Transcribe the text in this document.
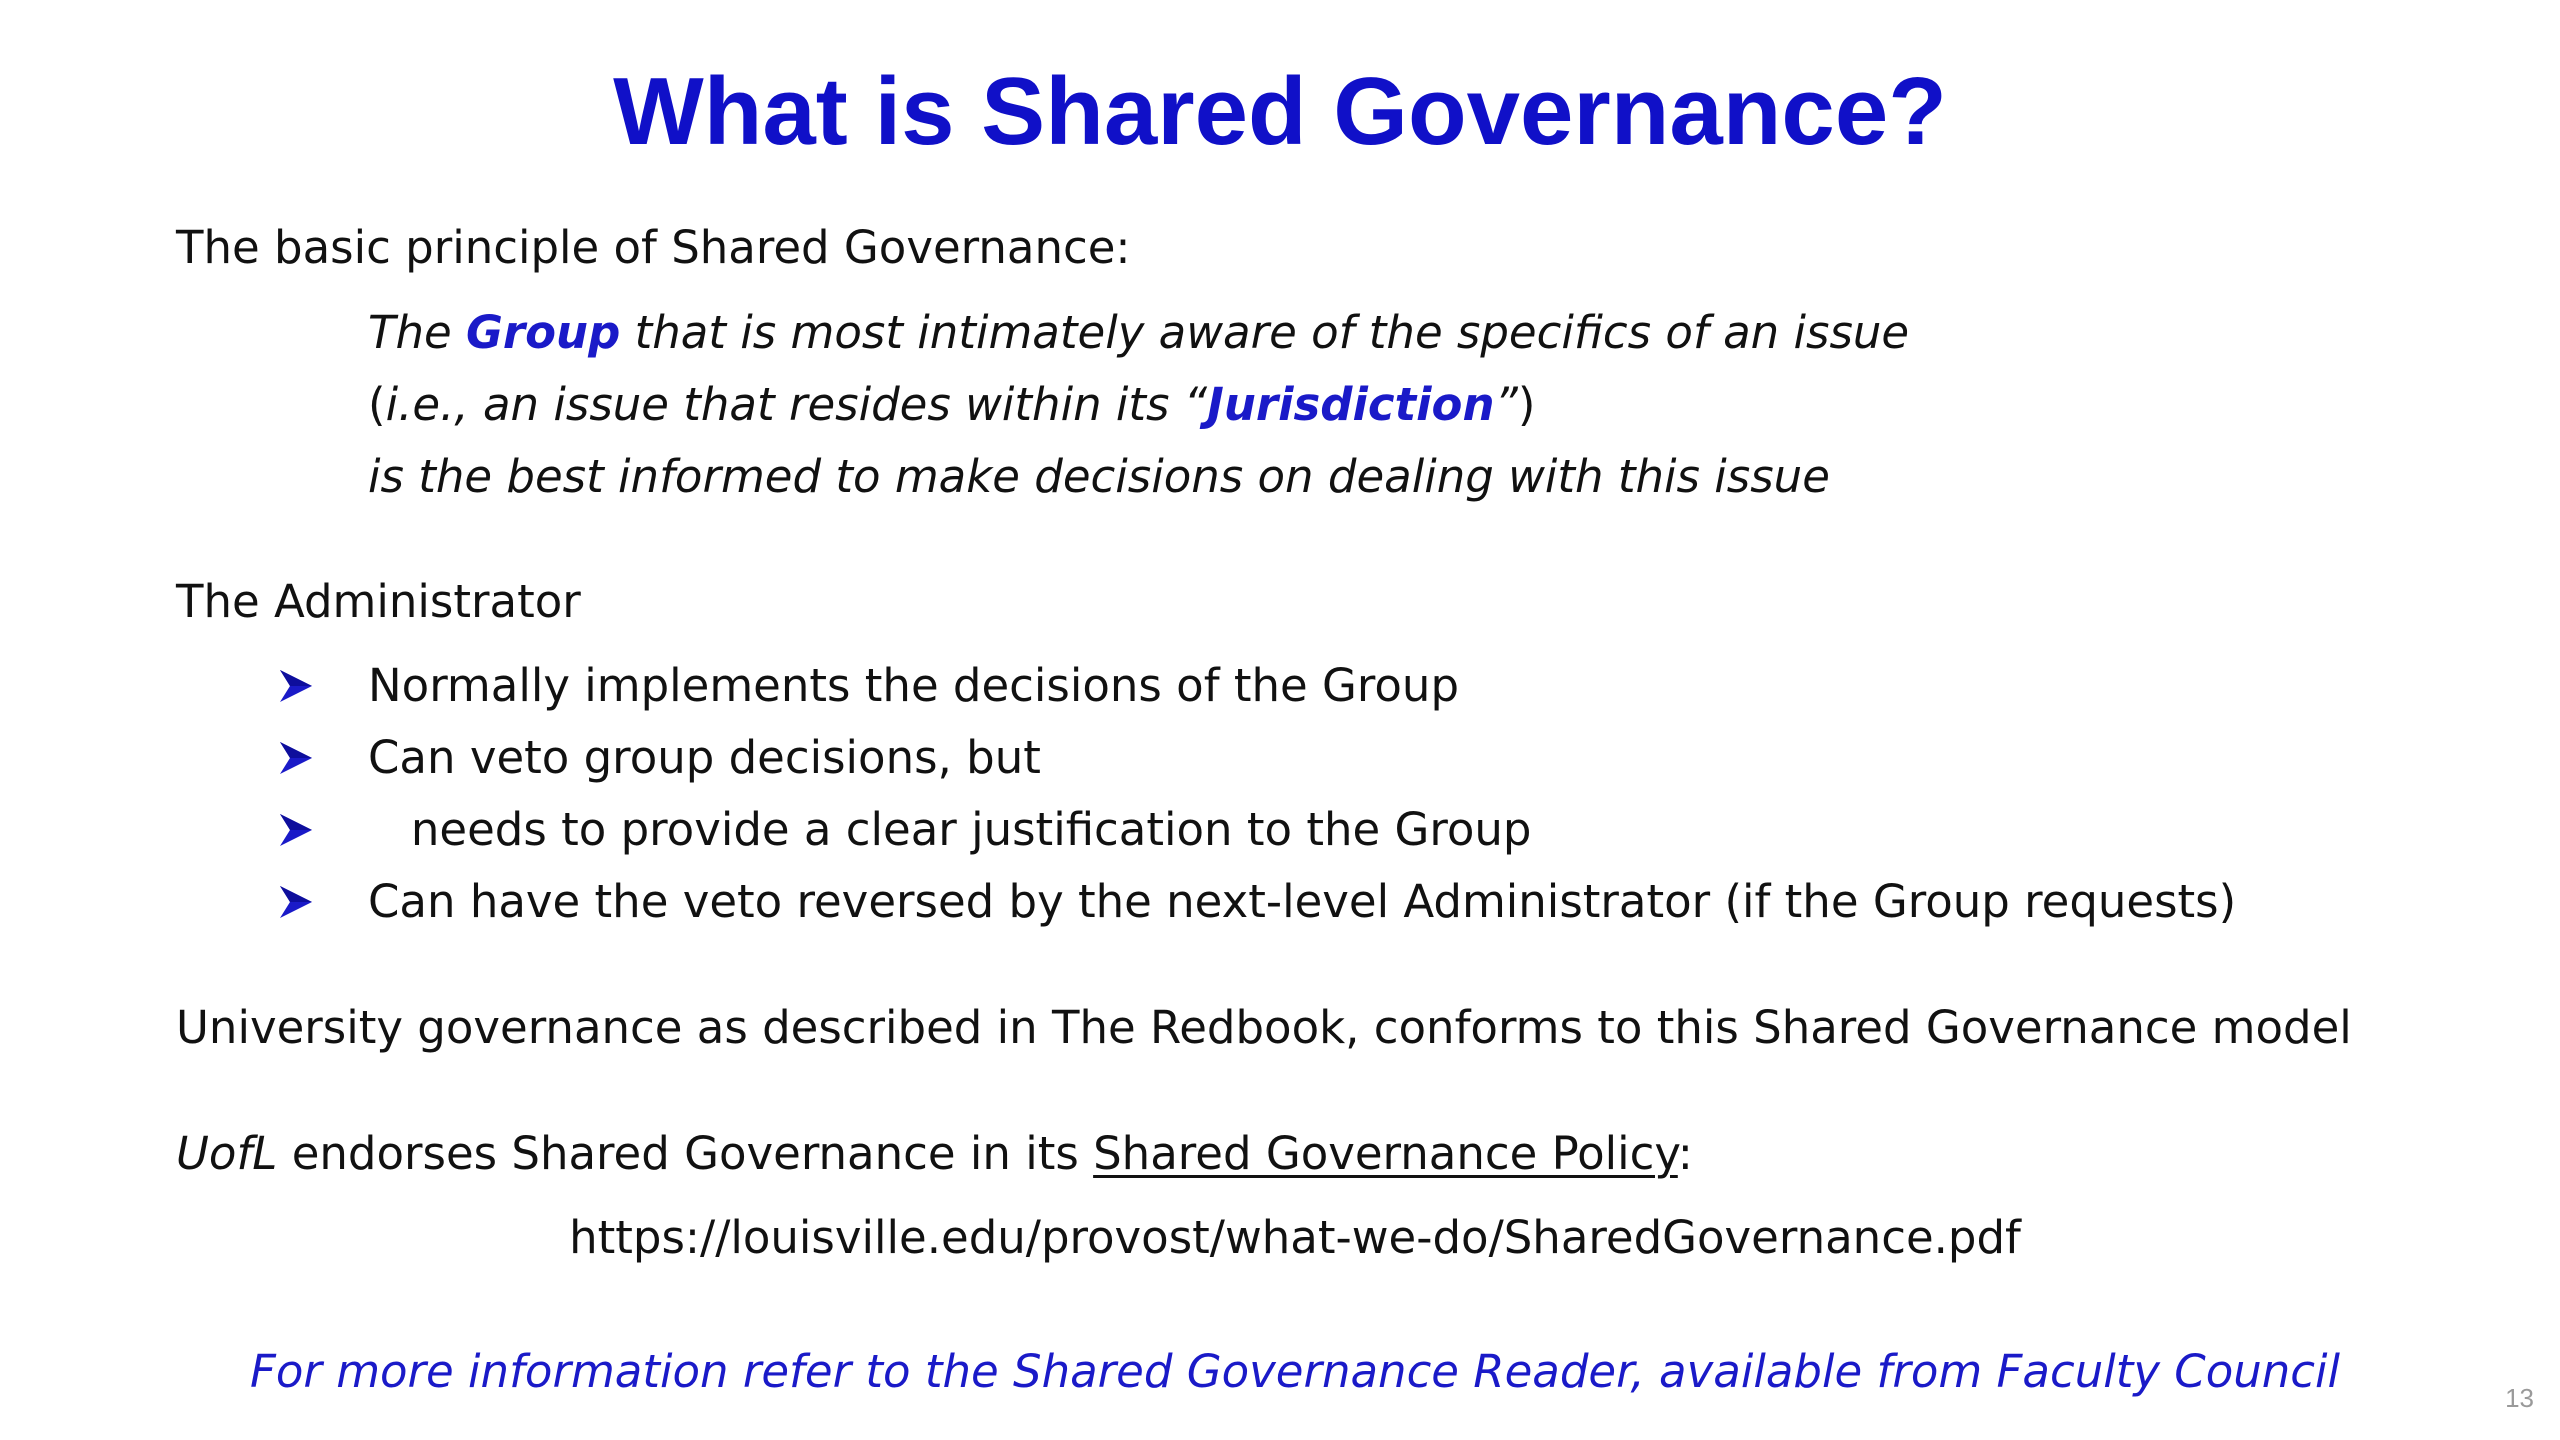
What is Shared Governance?
The basic principle of Shared Governance:
The Group that is most intimately aware of the specifics of an issue
(i.e., an issue that resides within its “Jurisdiction”)
is the best informed to make decisions on dealing with this issue
The Administrator
Normally implements the decisions of the Group
Can veto group decisions, but
needs to provide a clear justification to the Group
Can have the veto reversed by the next-level Administrator (if the Group requests)
University governance as described in The Redbook, conforms to this Shared Governance model
UofL endorses Shared Governance in its Shared Governance Policy:
https://louisville.edu/provost/what-we-do/SharedGovernance.pdf
For more information refer to the Shared Governance Reader, available from Faculty Council	13
